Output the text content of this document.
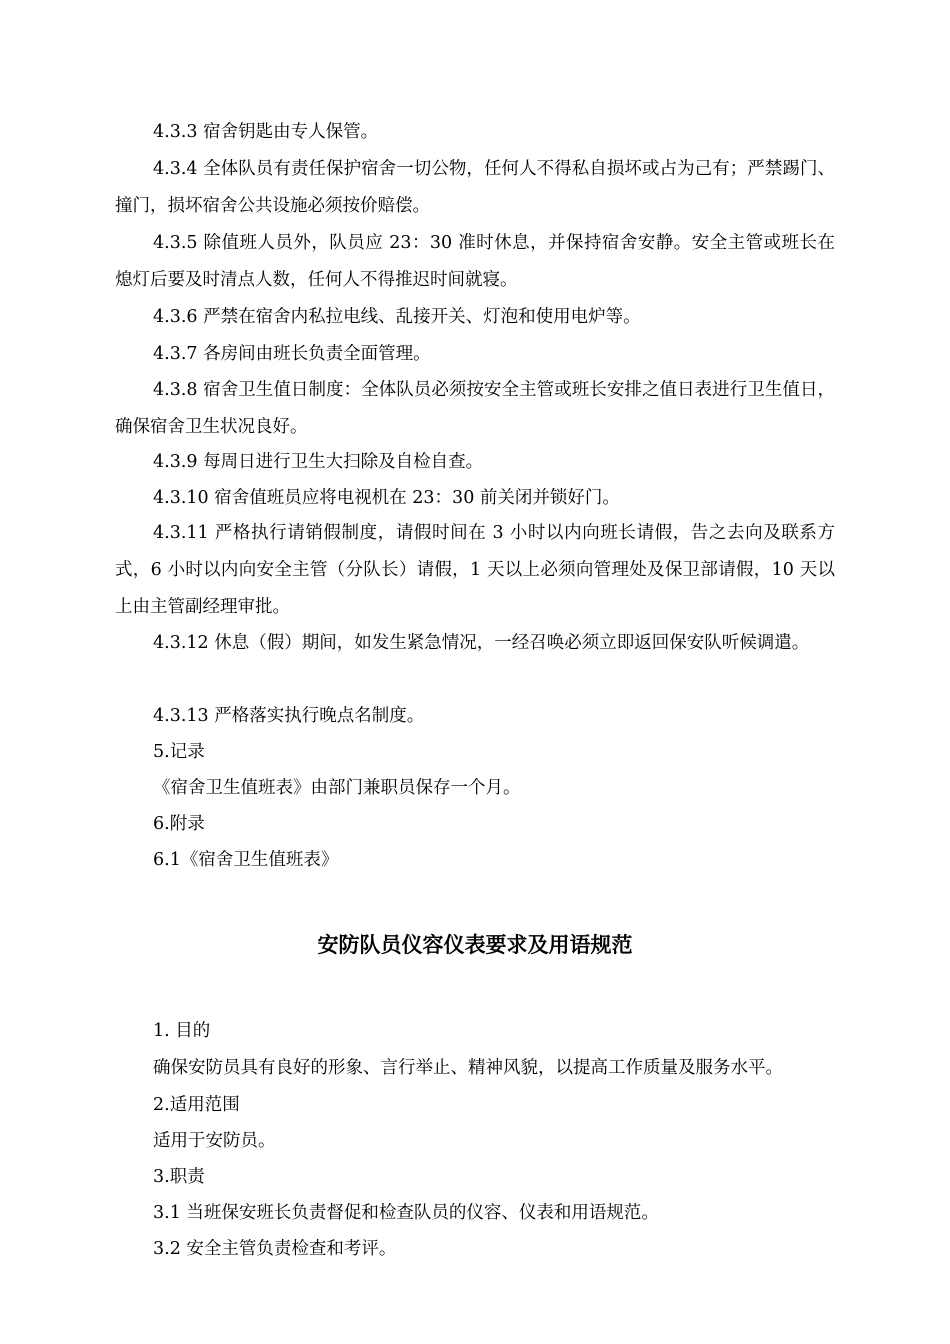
4.3.3 宿舍钥匙由专人保管。

4.3.4 全体队员有责任保护宿舍一切公物，任何人不得私自损坏或占为己有；严禁踢门、撞门，损坏宿舍公共设施必须按价赔偿。

4.3.5 除值班人员外，队员应 23：30 准时休息，并保持宿舍安静。安全主管或班长在熄灯后要及时清点人数，任何人不得推迟时间就寝。

4.3.6 严禁在宿舍内私拉电线、乱接开关、灯泡和使用电炉等。

4.3.7 各房间由班长负责全面管理。

4.3.8 宿舍卫生值日制度：全体队员必须按安全主管或班长安排之值日表进行卫生值日，确保宿舍卫生状况良好。

4.3.9 每周日进行卫生大扫除及自检自查。

4.3.10 宿舍值班员应将电视机在 23：30 前关闭并锁好门。

4.3.11 严格执行请销假制度，请假时间在 3 小时以内向班长请假，告之去向及联系方式，6 小时以内向安全主管（分队长）请假，1 天以上必须向管理处及保卫部请假，10 天以上由主管副经理审批。

4.3.12 休息（假）期间，如发生紧急情况，一经召唤必须立即返回保安队听候调遣。

4.3.13 严格落实执行晚点名制度。

5.记录

《宿舍卫生值班表》由部门兼职员保存一个月。

6.附录

6.1《宿舍卫生值班表》

安防队员仪容仪表要求及用语规范

1. 目的

确保安防员具有良好的形象、言行举止、精神风貌，以提高工作质量及服务水平。

2.适用范围

适用于安防员。

3.职责

3.1 当班保安班长负责督促和检查队员的仪容、仪表和用语规范。

3.2 安全主管负责检查和考评。
